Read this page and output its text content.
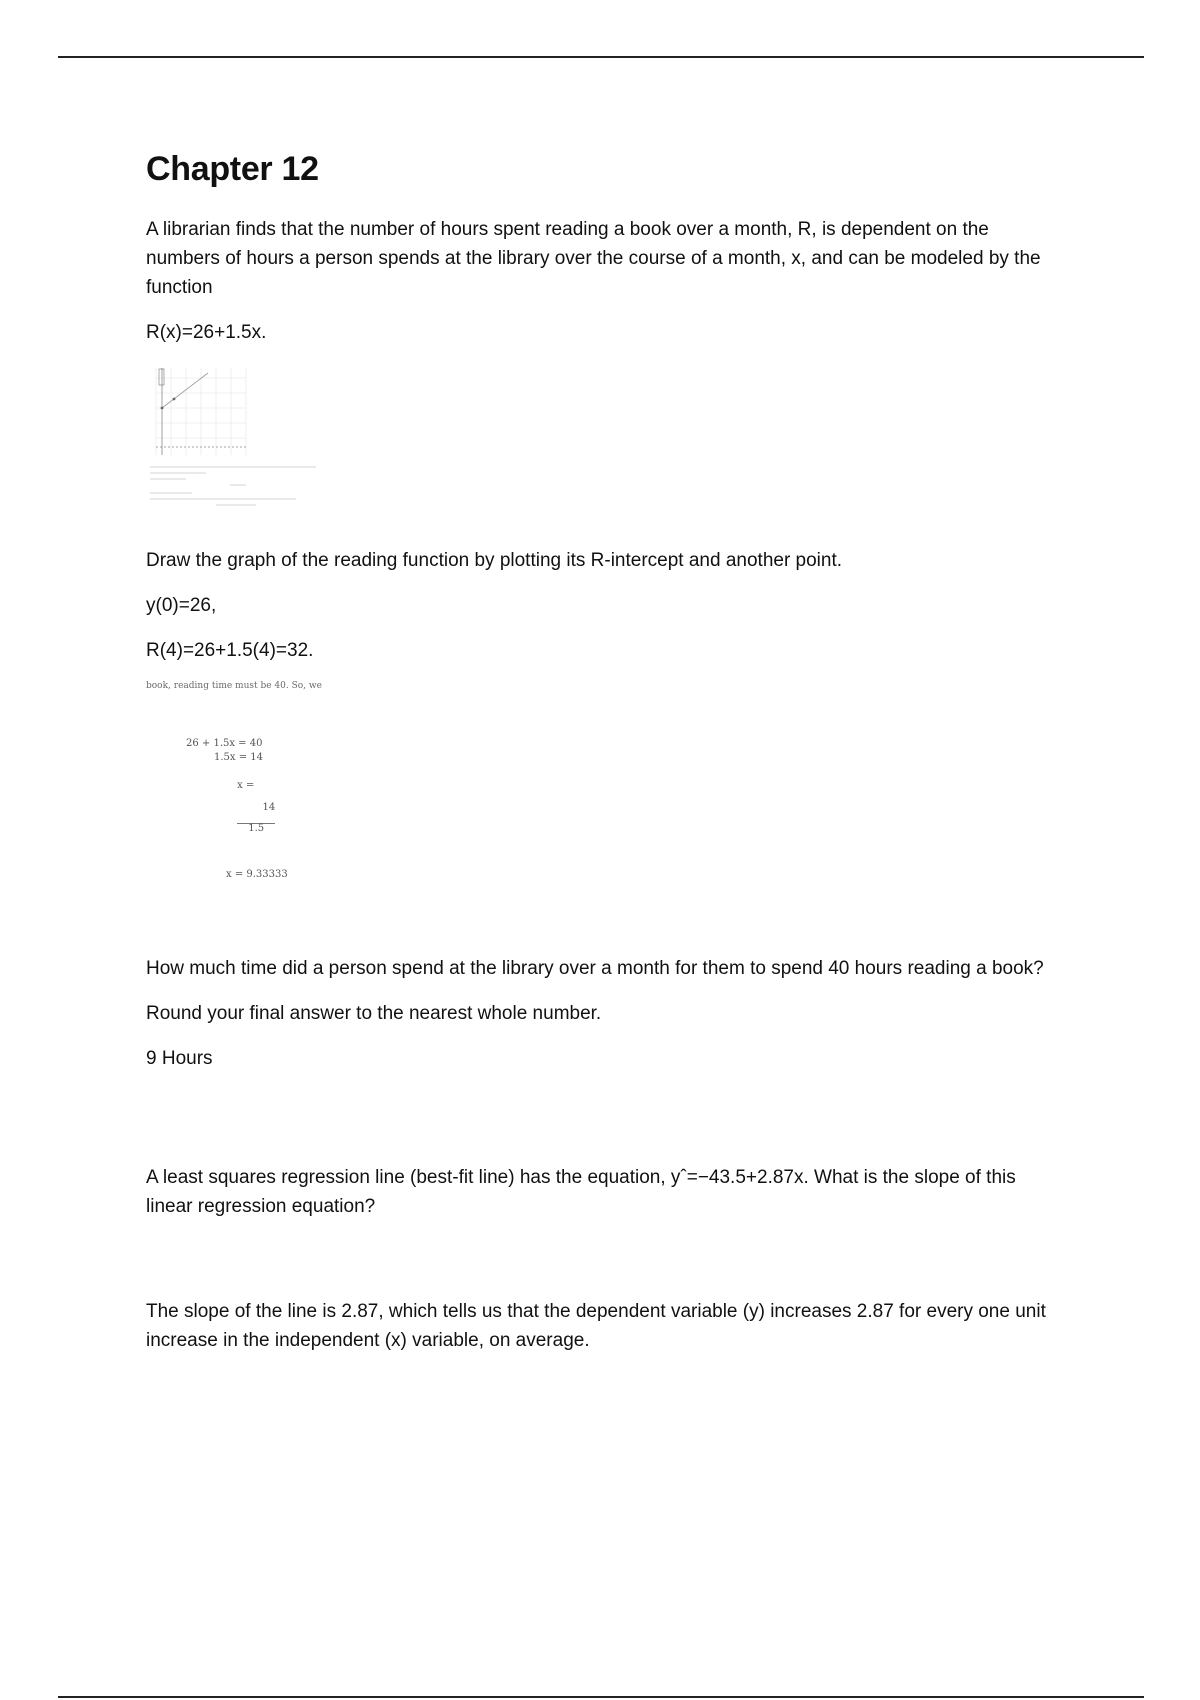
Chapter 12

A librarian finds that the number of hours spent reading a book over a month, R, is dependent on the numbers of hours a person spends at the library over the course of a month, x, and can be modeled by the function

R(x)=26+1.5x.

Draw the graph of the reading function by plotting its R-intercept and another point.

y(0)=26,

R(4)=26+1.5(4)=32.

book, reading time must be 40. So, we
26 + 1.5x = 40
1.5x = 14

x =

$\frac{14}{1.5}$

x = 9.33333

How much time did a person spend at the library over a month for them to spend 40 hours reading a book?

Round your final answer to the nearest whole number.

9 Hours

A least squares regression line (best-fit line) has the equation, yˆ=−43.5+2.87x. What is the slope of this linear regression equation?

The slope of the line is 2.87, which tells us that the dependent variable (y) increases 2.87 for every one unit increase in the independent (x) variable, on average.
